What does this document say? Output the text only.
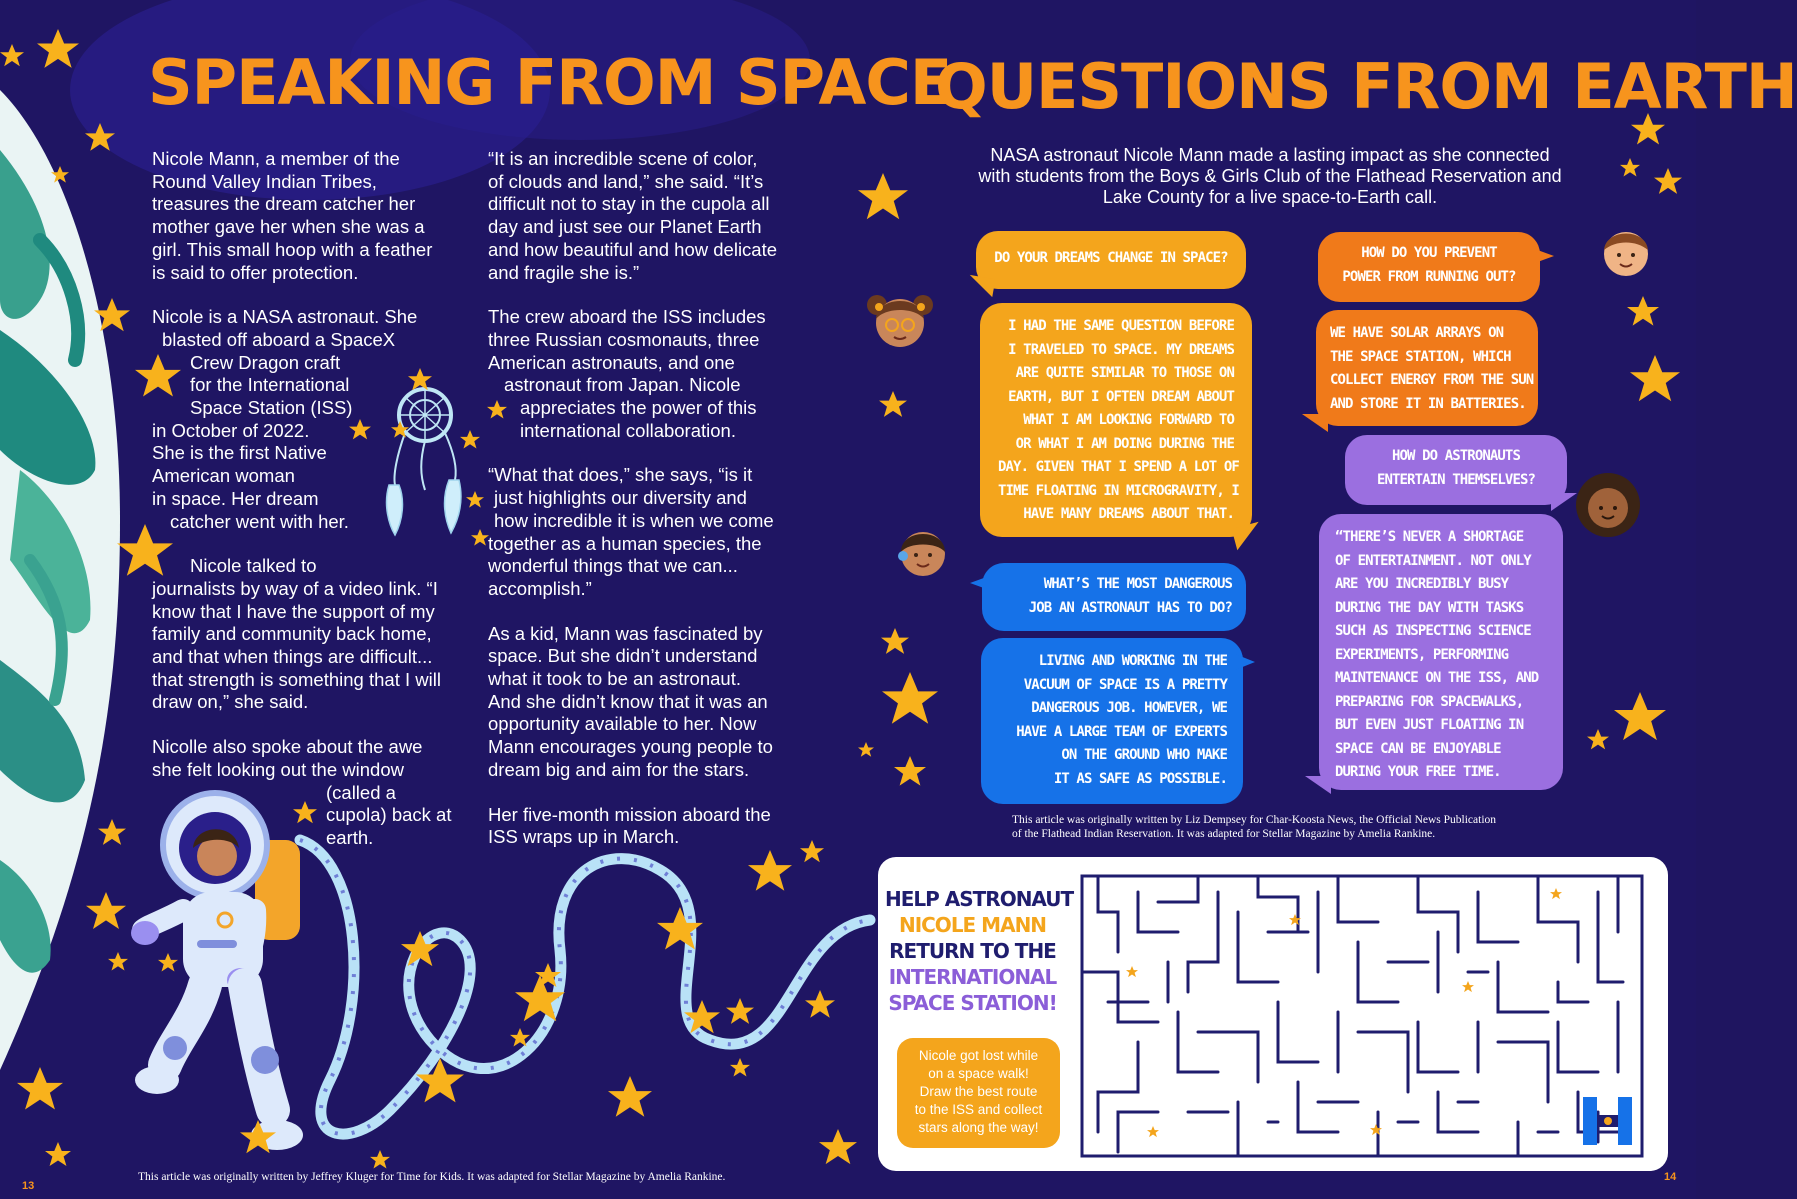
SPEAKING FROM SPACE

Nicole Mann, a member of the
Round Valley Indian Tribes,
treasures the dream catcher her
mother gave her when she was a
girl. This small hoop with a feather
is said to offer protection.

Nicole is a NASA astronaut. She
blasted off aboard a SpaceX
Crew Dragon craft
for the International
Space Station (ISS)
in October of 2022.
She is the first Native
American woman
in space. Her dream
catcher went with her.

Nicole talked to
journalists by way of a video link. “I
know that I have the support of my
family and community back home,
and that when things are difficult...
that strength is something that I will
draw on,” she said.

Nicolle also spoke about the awe
she felt looking out the window
(called a
cupola) back at
earth.

“It is an incredible scene of color,
of clouds and land,” she said. “It’s
difficult not to stay in the cupola all
day and just see our Planet Earth
and how beautiful and how delicate
and fragile she is.”

The crew aboard the ISS includes
three Russian cosmonauts, three
American astronauts, and one
astronaut from Japan. Nicole
appreciates the power of this
international collaboration.

“What that does,” she says, “is it
just highlights our diversity and
how incredible it is when we come
together as a human species, the
wonderful things that we can...
accomplish.”

As a kid, Mann was fascinated by
space. But she didn’t understand
what it took to be an astronaut.
And she didn’t know that it was an
opportunity available to her. Now
Mann encourages young people to
dream big and aim for the stars.

Her five-month mission aboard the
ISS wraps up in March.

QUESTIONS FROM EARTH
NASA astronaut Nicole Mann made a lasting impact as she connected
with students from the Boys & Girls Club of the Flathead Reservation and
Lake County for a live space-to-Earth call.
DO YOUR DREAMS CHANGE IN SPACE?
I HAD THE SAME QUESTION BEFORE
I TRAVELED TO SPACE. MY DREAMS
ARE QUITE SIMILAR TO THOSE ON
EARTH, BUT I OFTEN DREAM ABOUT
WHAT I AM LOOKING FORWARD TO
OR WHAT I AM DOING DURING THE
DAY. GIVEN THAT I SPEND A LOT OF
TIME FLOATING IN MICROGRAVITY, I
HAVE MANY DREAMS ABOUT THAT.
WHAT’S THE MOST DANGEROUS
JOB AN ASTRONAUT HAS TO DO?
LIVING AND WORKING IN THE
VACUUM OF SPACE IS A PRETTY
DANGEROUS JOB. HOWEVER, WE
HAVE A LARGE TEAM OF EXPERTS
ON THE GROUND WHO MAKE
IT AS SAFE AS POSSIBLE.
HOW DO YOU PREVENT
POWER FROM RUNNING OUT?
WE HAVE SOLAR ARRAYS ON
THE SPACE STATION, WHICH
COLLECT ENERGY FROM THE SUN
AND STORE IT IN BATTERIES.
HOW DO ASTRONAUTS
ENTERTAIN THEMSELVES?
“THERE’S NEVER A SHORTAGE
OF ENTERTAINMENT. NOT ONLY
ARE YOU INCREDIBLY BUSY
DURING THE DAY WITH TASKS
SUCH AS INSPECTING SCIENCE
EXPERIMENTS, PERFORMING
MAINTENANCE ON THE ISS, AND
PREPARING FOR SPACEWALKS,
BUT EVEN JUST FLOATING IN
SPACE CAN BE ENJOYABLE
DURING YOUR FREE TIME.
This article was originally written by Liz Dempsey for Char-Koosta News, the Official News Publication
of the Flathead Indian Reservation. It was adapted for Stellar Magazine by Amelia Rankine.
HELP ASTRONAUT
NICOLE MANN
RETURN TO THE
INTERNATIONAL
SPACE STATION!
Nicole got lost while
on a space walk!
Draw the best route
to the ISS and collect
stars along the way!
This article was originally written by Jeffrey Kluger for Time for Kids. It was adapted for Stellar Magazine by Amelia Rankine.
13
14
